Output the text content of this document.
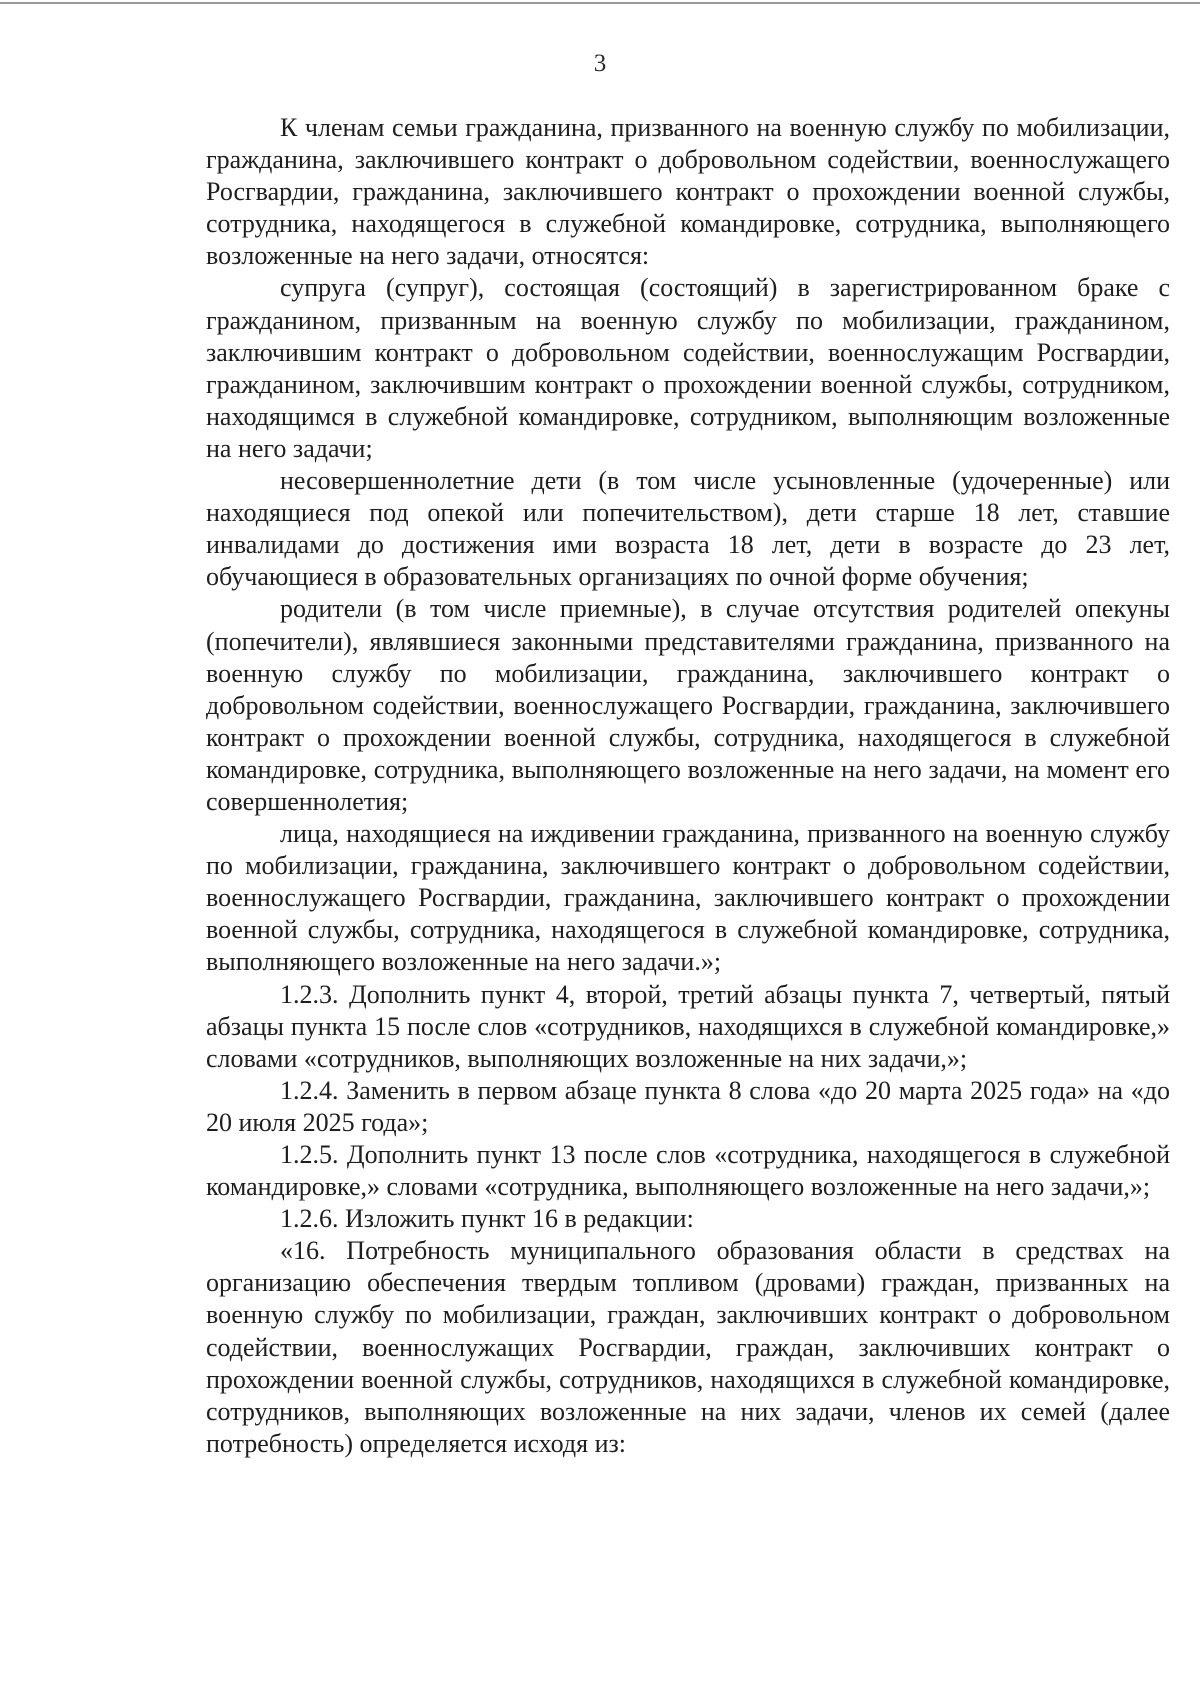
3

К членам семьи гражданина, призванного на военную службу по мобилизации, гражданина, заключившего контракт о добровольном содействии, военнослужащего Росгвардии, гражданина, заключившего контракт о прохождении военной службы, сотрудника, находящегося в служебной командировке, сотрудника, выполняющего возложенные на него задачи, относятся:

супруга (супруг), состоящая (состоящий) в зарегистрированном браке с гражданином, призванным на военную службу по мобилизации, гражданином, заключившим контракт о добровольном содействии, военнослужащим Росгвардии, гражданином, заключившим контракт о прохождении военной службы, сотрудником, находящимся в служебной командировке, сотрудником, выполняющим возложенные на него задачи;

несовершеннолетние дети (в том числе усыновленные (удочеренные) или находящиеся под опекой или попечительством), дети старше 18 лет, ставшие инвалидами до достижения ими возраста 18 лет, дети в возрасте до 23 лет, обучающиеся в образовательных организациях по очной форме обучения;

родители (в том числе приемные), в случае отсутствия родителей опекуны (попечители), являвшиеся законными представителями гражданина, призванного на военную службу по мобилизации, гражданина, заключившего контракт о добровольном содействии, военнослужащего Росгвардии, гражданина, заключившего контракт о прохождении военной службы, сотрудника, находящегося в служебной командировке, сотрудника, выполняющего возложенные на него задачи, на момент его совершеннолетия;

лица, находящиеся на иждивении гражданина, призванного на военную службу по мобилизации, гражданина, заключившего контракт о добровольном содействии, военнослужащего Росгвардии, гражданина, заключившего контракт о прохождении военной службы, сотрудника, находящегося в служебной командировке, сотрудника, выполняющего возложенные на него задачи.»;

1.2.3. Дополнить пункт 4, второй, третий абзацы пункта 7, четвертый, пятый абзацы пункта 15 после слов «сотрудников, находящихся в служебной командировке,» словами «сотрудников, выполняющих возложенные на них задачи,»;

1.2.4. Заменить в первом абзаце пункта 8 слова «до 20 марта 2025 года» на «до 20 июля 2025 года»;

1.2.5. Дополнить пункт 13 после слов «сотрудника, находящегося в служебной командировке,» словами «сотрудника, выполняющего возложенные на него задачи,»;

1.2.6. Изложить пункт 16 в редакции:

«16. Потребность муниципального образования области в средствах на организацию обеспечения твердым топливом (дровами) граждан, призванных на военную службу по мобилизации, граждан, заключивших контракт о добровольном содействии, военнослужащих Росгвардии, граждан, заключивших контракт о прохождении военной службы, сотрудников, находящихся в служебной командировке, сотрудников, выполняющих возложенные на них задачи, членов их семей (далее потребность) определяется исходя из:
